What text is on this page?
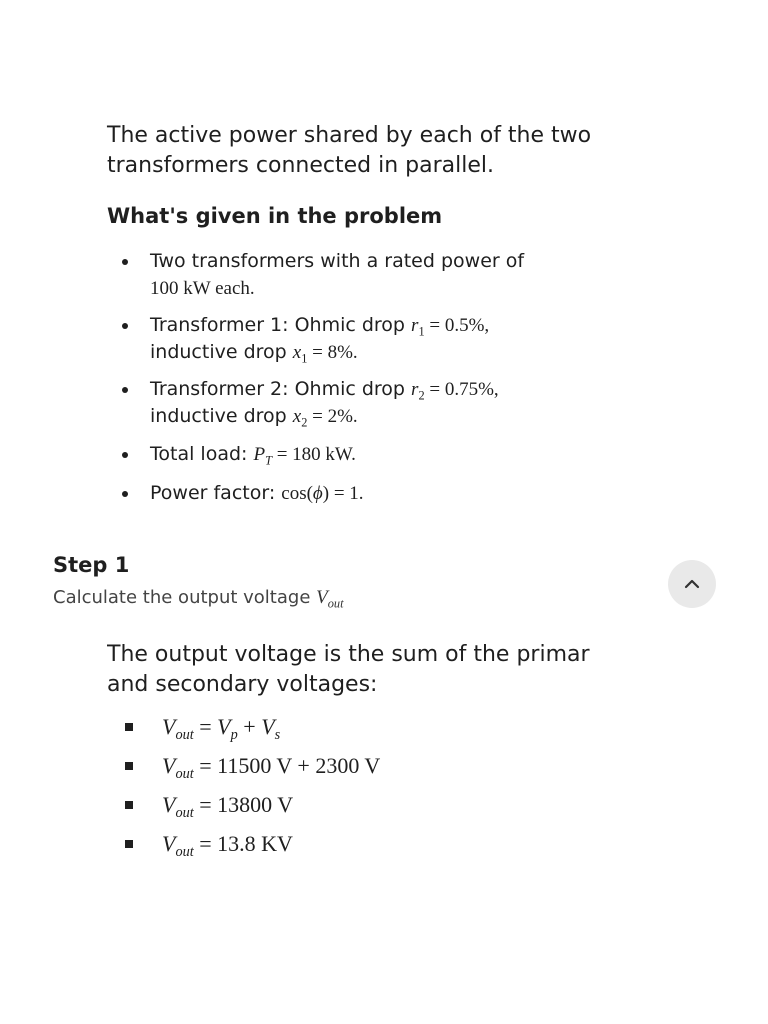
The active power shared by each of the two
transformers connected in parallel.
What's given in the problem
Two transformers with a rated power of
100 kW each.
Transformer 1: Ohmic drop $r_1 = 0.5\%$,
inductive drop $x_1 = 8\%$.
Transformer 2: Ohmic drop $r_2 = 0.75\%$,
inductive drop $x_2 = 2\%$.
Total load: $P_T = 180$ kW.
Power factor: cos(ϕ) = 1.
Step 1
Calculate the output voltage $V_{out}$
The output voltage is the sum of the primar
and secondary voltages:
$V_{out} = V_p + V_s$
$V_{out} = 11500$ V + 2300 V
$V_{out} = 13800$ V
$V_{out} = 13.8$ KV
